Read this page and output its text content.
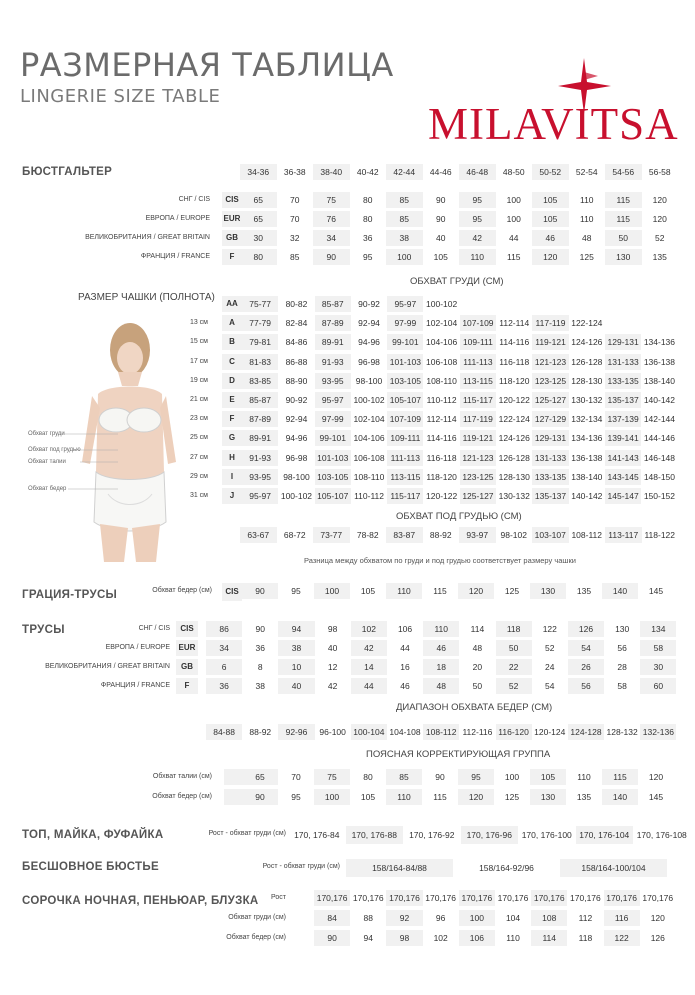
РАЗМЕРНАЯ ТАБЛИЦА
LINGERIE SIZE TABLE
MILAVITSA
БЮСТГАЛЬТЕР	34-36	36-38	38-40	40-42	42-44	44-46	46-48	48-50	50-52	52-54	54-56	56-58
ОБХВАТ ГРУДИ (СМ)
РАЗМЕР ЧАШКИ (ПОЛНОТА)
Обхват груди
Обхват под грудью
Обхват талии
Обхват бедер
ОБХВАТ ПОД ГРУДЬЮ (СМ)
63-67	68-72	73-77	78-82	83-87	88-92	93-97	98-102 103-107 108-112 113-117 118-122
Разница между обхватом по груди и под грудью соответствует размеру чашки
ГРАЦИЯ-ТРУСЫ	Обхват бедер (см)	CIS	90	95	100	105	110	115	120	125	130	135	140	145
ТРУСЫ
ДИАПАЗОН ОБХВАТА БЕДЕР (СМ)
84-88	88-92	92-96	96-100 100-104 104-108 108-112 112-116 116-120 120-124 124-128 128-132 132-136
ПОЯСНАЯ КОРРЕКТИРУЮЩАЯ ГРУППА
ТОП, МАЙКА, ФУФАЙКА	Рост - обхват груди (см) 170, 176-84	170, 176-88	170, 176-92	170, 176-96	170, 176-100 170, 176-104 170, 176-108
БЕСШОВНОЕ БЮСТЬЕ	Рост - обхват груди (см)	158/164-84/88	158/164-92/96	158/164-100/104
СОРОЧКА НОЧНАЯ, ПЕНЬЮАР, БЛУЗКА
СНГ / CIS	CIS	65	70	75	80	85	90	95	100	105	110	115	120
ЕВРОПА / EUROPE EUR	65	70	76	80	85	90	95	100	105	110	115	120
ВЕЛИКОБРИТАНИЯ / GREAT BRITAIN	GB	30	32	34	36	38	40	42	44	46	48	50	52
ФРАНЦИЯ / FRANCE	F	80	85	90	95	100	105	110	115	120	125	130	135
AA	75-77	80-82	85-87	90-92	95-97	100-102
13 см	A	77-79	82-84	87-89	92-94	97-99	102-104 107-109 112-114 117-119 122-124
15 см	B	79-81	84-86	89-91	94-96	99-101 104-106 109-111 114-116 119-121 124-126 129-131 134-136
17 см	C	81-83	86-88	91-93	96-98	101-103 106-108 111-113 116-118 121-123 126-128 131-133 136-138
19 см	D	83-85	88-90	93-95	98-100 103-105 108-110 113-115 118-120 123-125 128-130 133-135 138-140
21 см	E	85-87	90-92	95-97	100-102 105-107 110-112 115-117 120-122 125-127 130-132 135-137 140-142
23 см	F	87-89	92-94	97-99	102-104 107-109 112-114 117-119 122-124 127-129 132-134 137-139 142-144
25 см	G	89-91	94-96	99-101 104-106 109-111 114-116 119-121 124-126 129-131 134-136 139-141 144-146
27 см	H	91-93	96-98	101-103 106-108 111-113 116-118 121-123 126-128 131-133 136-138 141-143 146-148
29 см	I	93-95	98-100 103-105 108-110 113-115 118-120 123-125 128-130 133-135 138-140 143-145 148-150
31 см	J	95-97	100-102 105-107 110-112 115-117 120-122 125-127 130-132 135-137 140-142 145-147 150-152
СНГ / CIS	CIS	86	90	94	98	102	106	110	114	118	122	126	130	134
ЕВРОПА / EUROPE	EUR	34	36	38	40	42	44	46	48	50	52	54	56	58
ВЕЛИКОБРИТАНИЯ / GREAT BRITAIN	GB	6	8	10	12	14	16	18	20	22	24	26	28	30
ФРАНЦИЯ / FRANCE	F	36	38	40	42	44	46	48	50	52	54	56	58	60
Обхват талии (см)	65	70	75	80	85	90	95	100	105	110	115	120
Обхват бедер (см)	90	95	100	105	110	115	120	125	130	135	140	145
Рост	170,176 170,176 170,176 170,176 170,176 170,176 170,176 170,176 170,176 170,176
Обхват груди (см)	84	88	92	96	100	104	108	112	116	120
Обхват бедер (см)	90	94	98	102	106	110	114	118	122	126
